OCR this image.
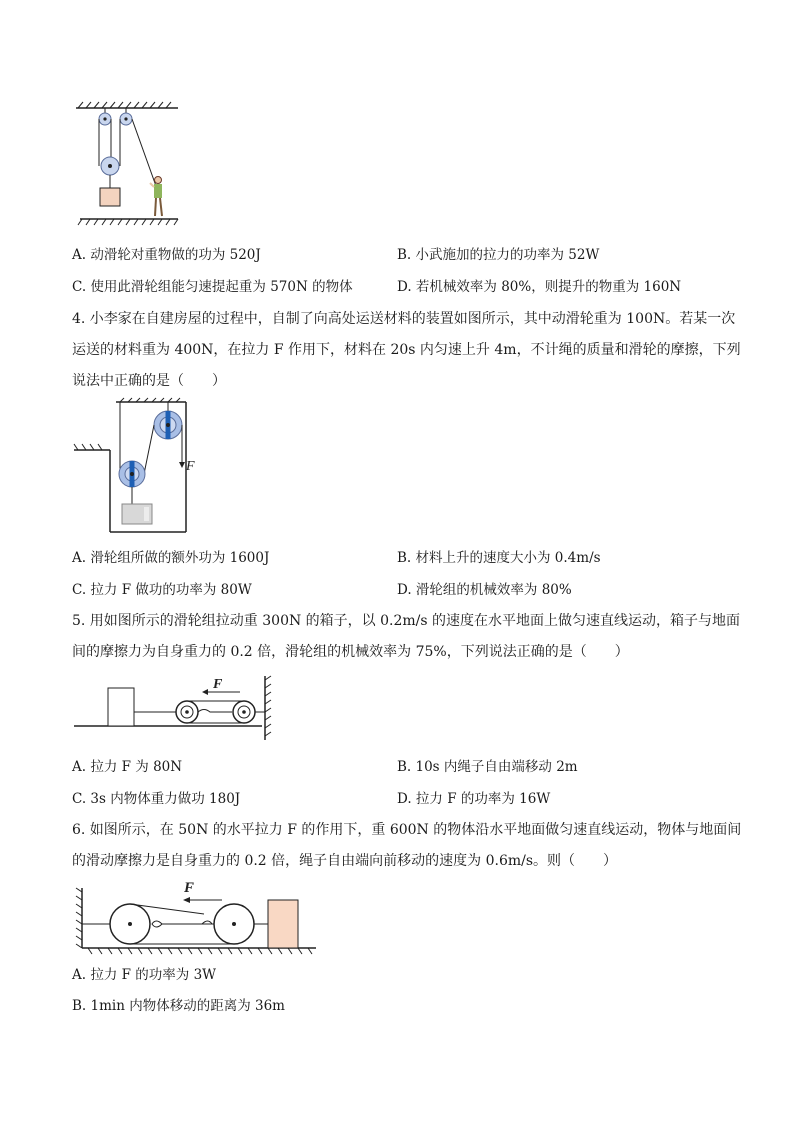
A. 动滑轮对重物做的功为 520J	B. 小武施加的拉力的功率为 52W
C. 使用此滑轮组能匀速提起重为 570N 的物体	D. 若机械效率为 80%，则提升的物重为 160N
4. 小李家在自建房屋的过程中，自制了向高处运送材料的装置如图所示，其中动滑轮重为 100N。若某一次
运送的材料重为 400N，在拉力 F 作用下，材料在 20s 内匀速上升 4m，不计绳的质量和滑轮的摩擦，下列
说法中正确的是（　　）
F
A. 滑轮组所做的额外功为 1600J	B. 材料上升的速度大小为 0.4m/s
C. 拉力 F 做功的功率为 80W	D. 滑轮组的机械效率为 80%
5. 用如图所示的滑轮组拉动重 300N 的箱子，以 0.2m/s 的速度在水平地面上做匀速直线运动，箱子与地面
间的摩擦力为自身重力的 0.2 倍，滑轮组的机械效率为 75%，下列说法正确的是（　　）
F
A. 拉力 F 为 80N	B. 10s 内绳子自由端移动 2m
C. 3s 内物体重力做功 180J	D. 拉力 F 的功率为 16W
6. 如图所示，在 50N 的水平拉力 F 的作用下，重 600N 的物体沿水平地面做匀速直线运动，物体与地面间
的滑动摩擦力是自身重力的 0.2 倍，绳子自由端向前移动的速度为 0.6m/s。则（　　）
F
A. 拉力 F 的功率为 3W
B. 1min 内物体移动的距离为 36m
